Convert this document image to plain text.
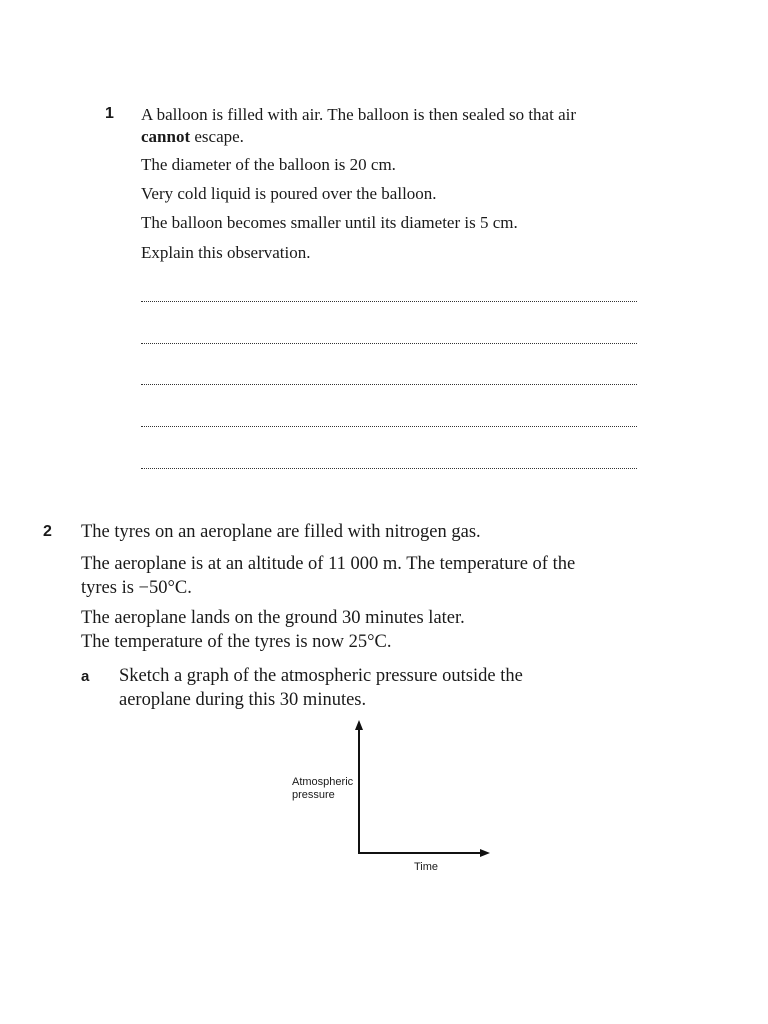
1 A balloon is filled with air. The balloon is then sealed so that air
cannot escape.
The diameter of the balloon is 20 cm.
Very cold liquid is poured over the balloon.
The balloon becomes smaller until its diameter is 5 cm.
Explain this observation.
2 The tyres on an aeroplane are filled with nitrogen gas.
The aeroplane is at an altitude of 11 000 m. The temperature of the
tyres is −50°C.
The aeroplane lands on the ground 30 minutes later.
The temperature of the tyres is now 25°C.
a Sketch a graph of the atmospheric pressure outside the
aeroplane during this 30 minutes.
Atmospheric
pressure
Time
